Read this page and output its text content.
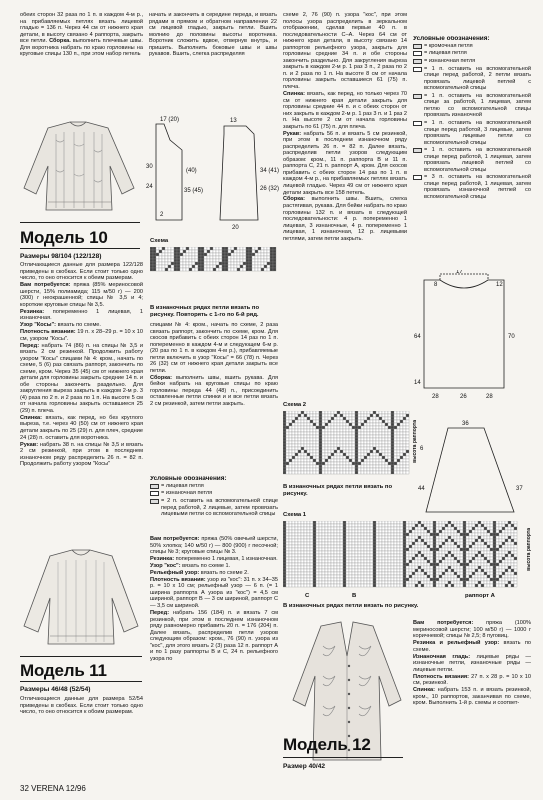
обеих сторон 32 раза по 1 п. в каждом 4-м р., на прибавляемых петлях вязать лицевой гладью = 136 п. Через 44 см от нижнего края детали, в высоту связано 4 раппорта, закрыть все петли. Сборка. выполнить плечевые швы. Для воротника набрать по краю горловины на круговые спицы 130 п., при этом набор петель

начать и закончить в середине переда, и вязать рядами в прямом и обратном направлении 22 см лицевой гладью, закрыть петли. Вшить молнию до половины высоты воротника. Воротник сложить вдвое, отвернув внутрь, и пришить. Выполнить боковые швы и швы рукавов. Вшить, слегка распределяя

схеме 2, 76 (90) п. узора "кос", при этом полосы узора распределить в зеркальном отображении, сделав первые 40 п. в последовательности С–А. Через 64 см от нижнего края детали, в высоту связано 14 раппортов рельефного узора, закрыть для горловины средние 34 п. и обе стороны закончить раздельно. Для закругления выреза закрыть в каждом 2-м р. 1 раз 3 п., 2 раза по 2 п. и 2 раза по 1 п. На высоте 8 см от начала горловины закрыть оставшиеся 61 (75) п. плеча.

Спинка: вязать, как перед, но только через 70 см от нижнего края детали закрыть для горловины средние 44 п. и с обеих сторон от них закрыть в каждом 2-м р. 1 раз 3 п. и 1 раз 2 п. На высоте 2 см от начала горловины закрыть по 61 (75) п. для плеча.

Рукав: набрать 56 п. и вязать 5 см резинкой, при этом в последнем изнаночном ряду распределить 26 п. = 82 п. Далее вязать, распределив петли узоров следующим образом: кром., 11 п. раппорта В и 11 п. раппорта С, 21 п. раппорт А, кром. Для скосов прибавить с обеих сторон 14 раз по 1 п. в каждом 4-м р., на прибавляемых петлях вязать лицевой гладью. Через 49 см от нижнего края детали закрыть все 158 петель.

Сборка: выполнить швы. Вшить, слегка растягивая, рукава. Для бейки набрать по краю горловины 132 п. и вязать в следующей последовательности: 4 р. попеременно 1 лицевая, 3 изнаночные, 4 р. попеременно 1 лицевая, 1 изнаночная, 12 р. лицевыми петлями, затем петли закрыть.

Условные обозначения:

= кромочная петля
= лицевая петля
= изнаночная петля
= 1 п. оставить на вспомогательной спице перед работой, 2 петли вязать провязать лицевой петлей с вспомогательной спицы
= 1 п. оставить на вспомогательной спице за работой, 1 лицевая, затем петлю со вспомогательной спицы провязать изнаночной
= 1 п. оставить на вспомогательной спице перед работой, 3 лицевые, затем провязать лицевые петли со вспомогательной спицы
= 1 п. оставить на вспомогательной спице перед работой, 1 лицевая, затем провязать лицевой петлей со вспомогательной спицы
= 3 п. оставить на вспомогательной спице перед работой, 1 лицевая, затем провязать изнаночной петлей со вспомогательной спицы
Модель 10
Размеры 98/104 (122/128)

Отличающиеся данные для размера 122/128 приведены в скобках. Если стоит только одно число, то оно относится к обеим размерам.

Вам потребуется: пряжа (85% мериносовой шерсти, 15% полиамида; 115 м/50 г) — 200 (300) г неокрашенной; спицы № 3,5 и 4; короткие круговые спицы № 3,5.

Резинка: попеременно 1 лицевая, 1 изнаночная.

Узор "Косы": вязать по схеме.

Плотность вязания: 19 п. х 28–29 р. = 10 х 10 см, узором "Косы".

Перед: набрать 74 (86) п. на спицы № 3,5 и вязать 2 см резинкой. Продолжить работу узором "Косы" спицами № 4: кром., начать по схеме, 5 (6) раз связать раппорт, закончить по схеме, кром. Через 35 (45) см от нижнего края детали для горловины закрыть средние 14 п. и обе стороны закончить раздельно. Для закругления выреза закрыть в каждом 2-м р. 3 (4) раза по 2 п. и 2 раза по 1 п. На высоте 5 см от начала горловины закрыть оставшиеся 25 (29) п. плеча.

Спинка: вязать, как перед, но без круглого выреза, т.е. через 40 (50) см от нижнего края детали закрыть по 25 (29) п. для плеч, средние 24 (28) п. оставить для воротника.

Рукав: набрать 38 п. на спицы № 3,5 и вязать 2 см резинкой, при этом в последнем изнаночном ряду распределить 26 п. = 82 п. Продолжить работу узором "Косы"

17 (20)
30
24
(40)
35 (45)
2
13
34 (41)
26 (32)
20
Схема
В изнаночных рядах петли вязать по рисунку. Повторять с 1-го по 6-й ряд.

спицами № 4: кром., начать по схеме, 2 раза связать раппорт, закончить по схеме, кром. Для скосов прибавить с обеих сторон 14 раз по 1 п. попеременно в каждом 4-м и следующем 6-м р. (20 раз по 1 п. в каждом 4-м р.), прибавляемые петли включить в узор "Косы" = 66 (78) п. Через 26 (32) см от нижнего края детали закрыть все петли.

Сборка: выполнить швы, вшить рукава. Для бейки набрать на круговые спицы по краю горловины переда 44 (48) п., присоединить оставленные петли спинки и и все петли вязать 2 см резинкой, затем петли закрыть.

Условные обозначения:

= лицевая петля
= изнаночная петля
= 2 п. оставить на вспомогательной спице перед работой, 2 лицевые, затем провязать лицевыми петли со вспомогательной спицы
Модель 11
Размеры 46/48 (52/54)

Отличающиеся данные для размера 52/54 приведены в скобках. Если стоит только одно число, то оно относится к обоим размерам.

Вам потребуется: пряжа (50% овечьей шерсти, 50% хлопка; 140 м/50 г) — 800 (900) г песочной; спицы № 3; круговые спицы № 3.

Резинка: попеременно 1 лицевая, 1 изнаночная.

Узор "кос": вязать по схеме 1.

Рельефный узор: вязать по схеме 2.

Плотность вязания: узор из "кос": 31 п. х 34–35 р. = 10 х 10 см; рельефный узор — 6 п. (= 1 ширина раппорта А узора из "кос") = 4,5 см шириной, раппорт В — 3 см шириной, раппорт С — 3,5 см шириной.

Перед: набрать 156 (184) п. и вязать 7 см резинкой, при этом в последнем изнаночном ряду равномерно прибавить 20 п. = 176 (204) п. Далее вязать, распределив петли узоров следующим образом: кром., 76 (90) п. узора из "кос", для этого вязать 2 (3) раза 12 п. раппорт А и по 1 разу раппорты В и С, 24 п. рельефного узора по

17
8	12
64	70
14
28	26	28
6
36
44	37
Схема 2
В изнаночных рядах петли вязать по рисунку.
высота раппорта
Схема 1
C	B	раппорт A
В изнаночных рядах петли вязать по рисунку.
высота раппорта
Модель 12
Размер 40/42

Вам потребуется: пряжа (100% мериносовой шерсти; 100 м/50 г) — 1000 г коричневой; спицы № 2,5; 8 пуговиц.

Резинка и рельефный узор: вязать по схеме.

Изнаночная гладь: лицевые ряды — изнаночные петли, изнаночные ряды — лицевые петли.

Плотность вязания: 27 п. х 28 р. = 10 х 10 см, резинкой.

Спинка: набрать 153 п. и вязать резинкой, кром., 10 раппортов, заканчивая по схеме, кром. Выполнить 1-й р. схемы и соответ-

32 VERENA 12/96
